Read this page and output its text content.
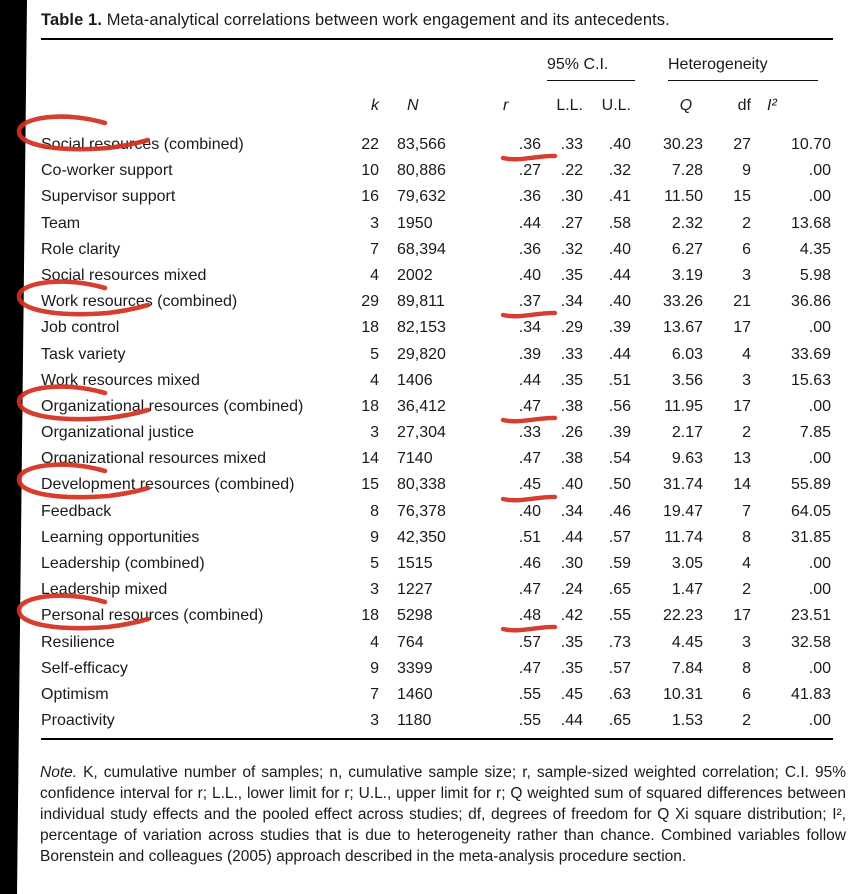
Table 1. Meta-analytical correlations between work engagement and its antecedents.
				95% C.I.		Heterogeneity		
	k	N	r	L.L.	U.L.	Q	df	I²
Social resources (combined)	22	83,566	.36	.33	.40	30.23	27	10.70
Co-worker support	10	80,886	.27	.22	.32	7.28	9	.00
Supervisor support	16	79,632	.36	.30	.41	11.50	15	.00
Team	3	1950	.44	.27	.58	2.32	2	13.68
Role clarity	7	68,394	.36	.32	.40	6.27	6	4.35
Social resources mixed	4	2002	.40	.35	.44	3.19	3	5.98
Work resources (combined)	29	89,811	.37	.34	.40	33.26	21	36.86
Job control	18	82,153	.34	.29	.39	13.67	17	.00
Task variety	5	29,820	.39	.33	.44	6.03	4	33.69
Work resources mixed	4	1406	.44	.35	.51	3.56	3	15.63
Organizational resources (combined)	18	36,412	.47	.38	.56	11.95	17	.00
Organizational justice	3	27,304	.33	.26	.39	2.17	2	7.85
Organizational resources mixed	14	7140	.47	.38	.54	9.63	13	.00
Development resources (combined)	15	80,338	.45	.40	.50	31.74	14	55.89
Feedback	8	76,378	.40	.34	.46	19.47	7	64.05
Learning opportunities	9	42,350	.51	.44	.57	11.74	8	31.85
Leadership (combined)	5	1515	.46	.30	.59	3.05	4	.00
Leadership mixed	3	1227	.47	.24	.65	1.47	2	.00
Personal resources (combined)	18	5298	.48	.42	.55	22.23	17	23.51
Resilience	4	764	.57	.35	.73	4.45	3	32.58
Self-efficacy	9	3399	.47	.35	.57	7.84	8	.00
Optimism	7	1460	.55	.45	.63	10.31	6	41.83
Proactivity	3	1180	.55	.44	.65	1.53	2	.00
Note. K, cumulative number of samples; n, cumulative sample size; r, sample-sized weighted correlation; C.I. 95% confidence interval for r; L.L., lower limit for r; U.L., upper limit for r; Q weighted sum of squared differences between individual study effects and the pooled effect across studies; df, degrees of freedom for Q Xi square distribution; I², percentage of variation across studies that is due to heterogeneity rather than chance. Combined variables follow Borenstein and colleagues (2005) approach described in the meta-analysis procedure section.
